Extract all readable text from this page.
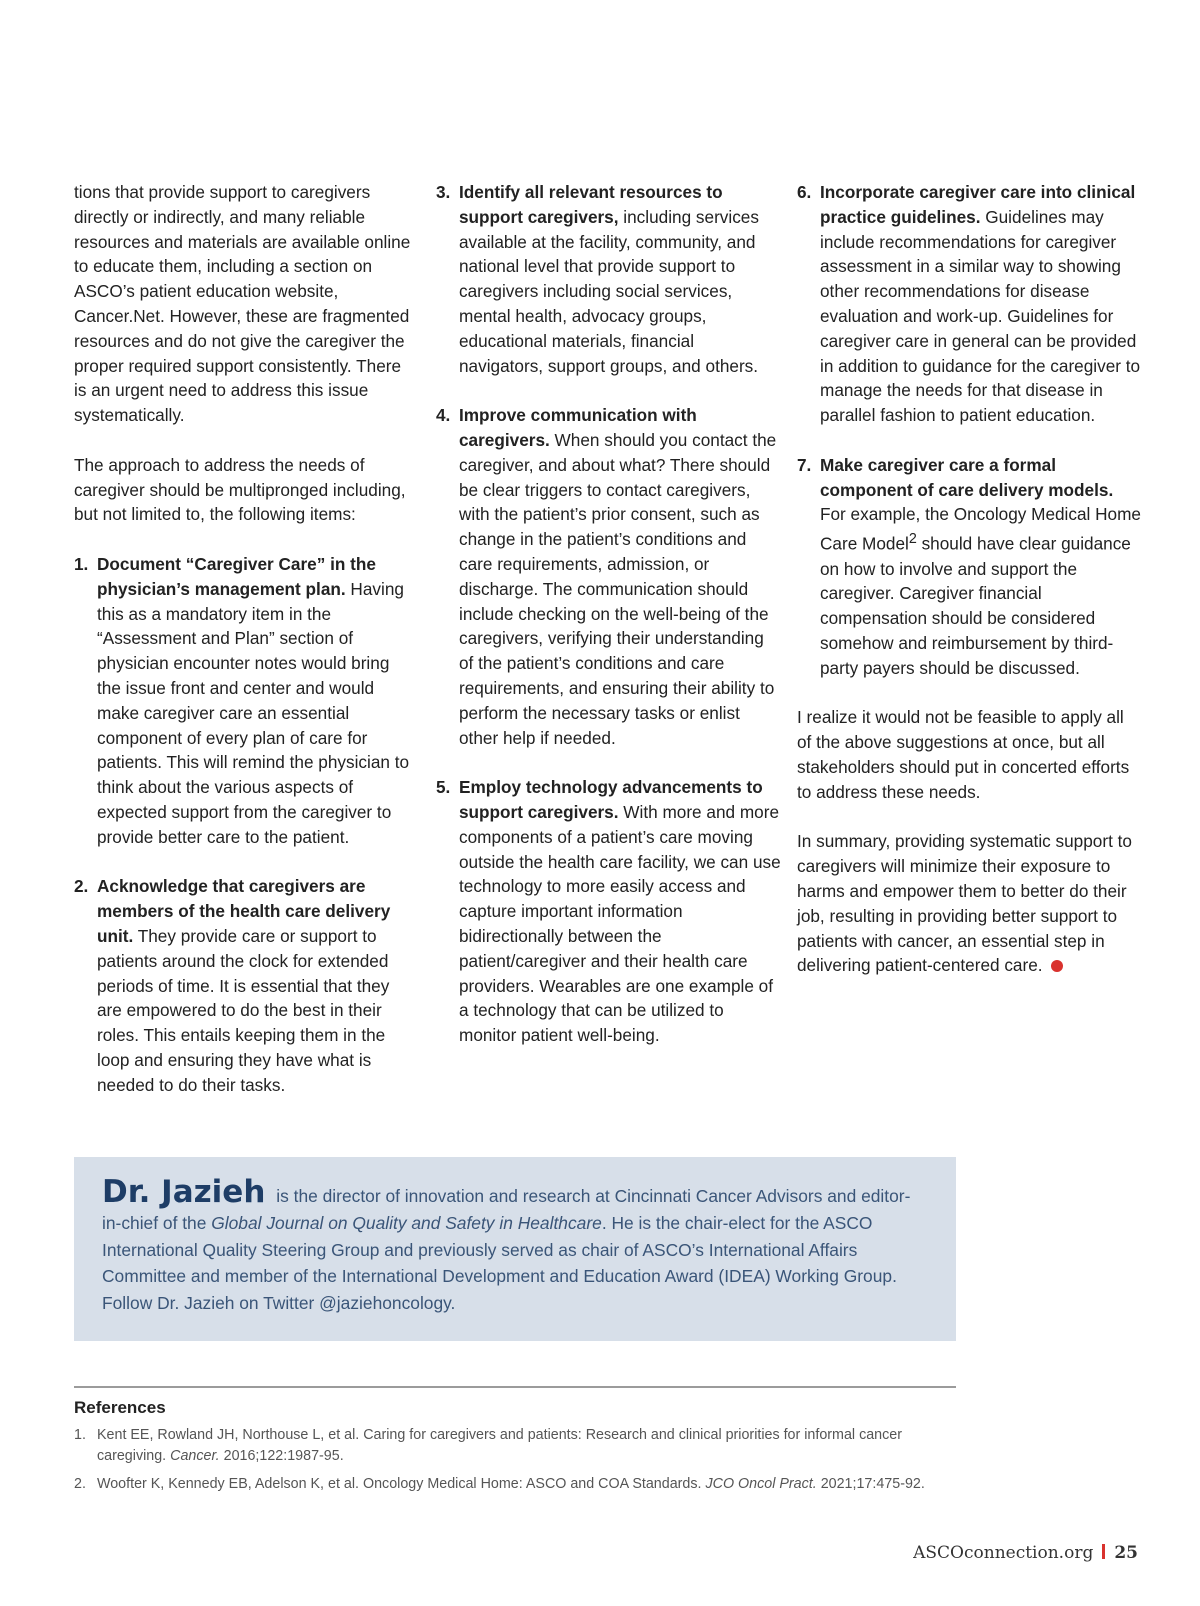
tions that provide support to caregivers directly or indirectly, and many reliable resources and materials are available online to educate them, including a section on ASCO’s patient education website, Cancer.Net. However, these are fragmented resources and do not give the caregiver the proper required support consistently. There is an urgent need to address this issue systematically.

The approach to address the needs of caregiver should be multipronged including, but not limited to, the following items:

1. Document “Caregiver Care” in the physician’s management plan. Having this as a mandatory item in the “Assessment and Plan” section of physician encounter notes would bring the issue front and center and would make caregiver care an essential component of every plan of care for patients. This will remind the physician to think about the various aspects of expected support from the caregiver to provide better care to the patient.
2. Acknowledge that caregivers are members of the health care delivery unit. They provide care or support to patients around the clock for extended periods of time. It is essential that they are empowered to do the best in their roles. This entails keeping them in the loop and ensuring they have what is needed to do their tasks.
3. Identify all relevant resources to support caregivers, including services available at the facility, community, and national level that provide support to caregivers including social services, mental health, advocacy groups, educational materials, financial navigators, support groups, and others.
4. Improve communication with caregivers. When should you contact the caregiver, and about what? There should be clear triggers to contact caregivers, with the patient’s prior consent, such as change in the patient’s conditions and care requirements, admission, or discharge. The communication should include checking on the well-being of the caregivers, verifying their understanding of the patient’s conditions and care requirements, and ensuring their ability to perform the necessary tasks or enlist other help if needed.
5. Employ technology advancements to support caregivers. With more and more components of a patient’s care moving outside the health care facility, we can use technology to more easily access and capture important information bidirectionally between the patient/caregiver and their health care providers. Wearables are one example of a technology that can be utilized to monitor patient well-being.
6. Incorporate caregiver care into clinical practice guidelines. Guidelines may include recommendations for caregiver assessment in a similar way to showing other recommendations for disease evaluation and work-up. Guidelines for caregiver care in general can be provided in addition to guidance for the caregiver to manage the needs for that disease in parallel fashion to patient education.
7. Make caregiver care a formal component of care delivery models. For example, the Oncology Medical Home Care Model$^2$ should have clear guidance on how to involve and support the caregiver. Caregiver financial compensation should be considered somehow and reimbursement by third-party payers should be discussed.

I realize it would not be feasible to apply all of the above suggestions at once, but all stakeholders should put in concerted efforts to address these needs.

In summary, providing systematic support to caregivers will minimize their exposure to harms and empower them to better do their job, resulting in providing better support to patients with cancer, an essential step in delivering patient-centered care.

Dr. Jazieh is the director of innovation and research at Cincinnati Cancer Advisors and editor-in-chief of the Global Journal on Quality and Safety in Healthcare. He is the chair-elect for the ASCO International Quality Steering Group and previously served as chair of ASCO’s International Affairs Committee and member of the International Development and Education Award (IDEA) Working Group. Follow Dr. Jazieh on Twitter @jaziehoncology.
References
1. Kent EE, Rowland JH, Northouse L, et al. Caring for caregivers and patients: Research and clinical priorities for informal cancer caregiving. Cancer. 2016;122:1987-95.
2. Woofter K, Kennedy EB, Adelson K, et al. Oncology Medical Home: ASCO and COA Standards. JCO Oncol Pract. 2021;17:475-92.
ASCOconnection.org 25
